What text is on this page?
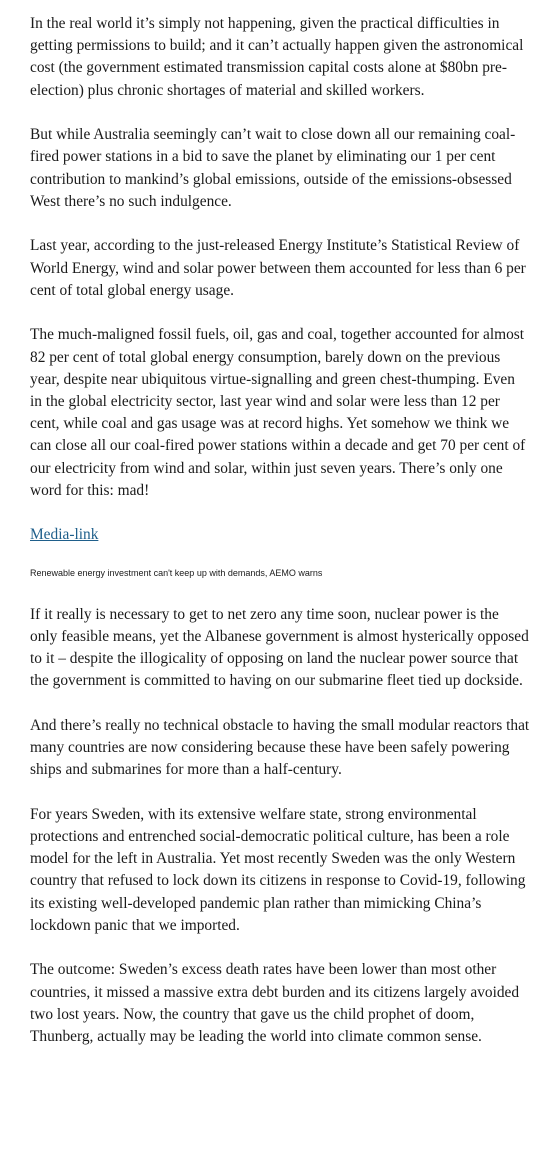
In the real world it’s simply not happening, given the practical difficulties in getting permissions to build; and it can’t actually happen given the astronomical cost (the government estimated transmission capital costs alone at $80bn pre-election) plus chronic shortages of material and skilled workers.

But while Australia seemingly can’t wait to close down all our remaining coal-fired power stations in a bid to save the planet by eliminating our 1 per cent contribution to mankind’s global emissions, outside of the emissions-obsessed West there’s no such indulgence.

Last year, according to the just-released Energy Institute’s Statistical Review of World Energy, wind and solar power between them accounted for less than 6 per cent of total global energy usage.

The much-maligned fossil fuels, oil, gas and coal, together accounted for almost 82 per cent of total global energy consumption, barely down on the previous year, despite near ubiquitous virtue-signalling and green chest-thumping. Even in the global electricity sector, last year wind and solar were less than 12 per cent, while coal and gas usage was at record highs. Yet somehow we think we can close all our coal-fired power stations within a decade and get 70 per cent of our electricity from wind and solar, within just seven years. There’s only one word for this: mad!

Media-link
Renewable energy investment can't keep up with demands, AEMO warns

If it really is necessary to get to net zero any time soon, nuclear power is the only feasible means, yet the Albanese government is almost hysterically opposed to it – despite the illogicality of opposing on land the nuclear power source that the government is committed to having on our submarine fleet tied up dockside.

And there’s really no technical obstacle to having the small modular reactors that many countries are now considering because these have been safely powering ships and submarines for more than a half-century.

For years Sweden, with its extensive welfare state, strong environmental protections and entrenched social-democratic political culture, has been a role model for the left in Australia. Yet most recently Sweden was the only Western country that refused to lock down its citizens in response to Covid-19, following its existing well-developed pandemic plan rather than mimicking China’s lockdown panic that we imported.

The outcome: Sweden’s excess death rates have been lower than most other countries, it missed a massive extra debt burden and its citizens largely avoided two lost years. Now, the country that gave us the child prophet of doom, Thunberg, actually may be leading the world into climate common sense.
